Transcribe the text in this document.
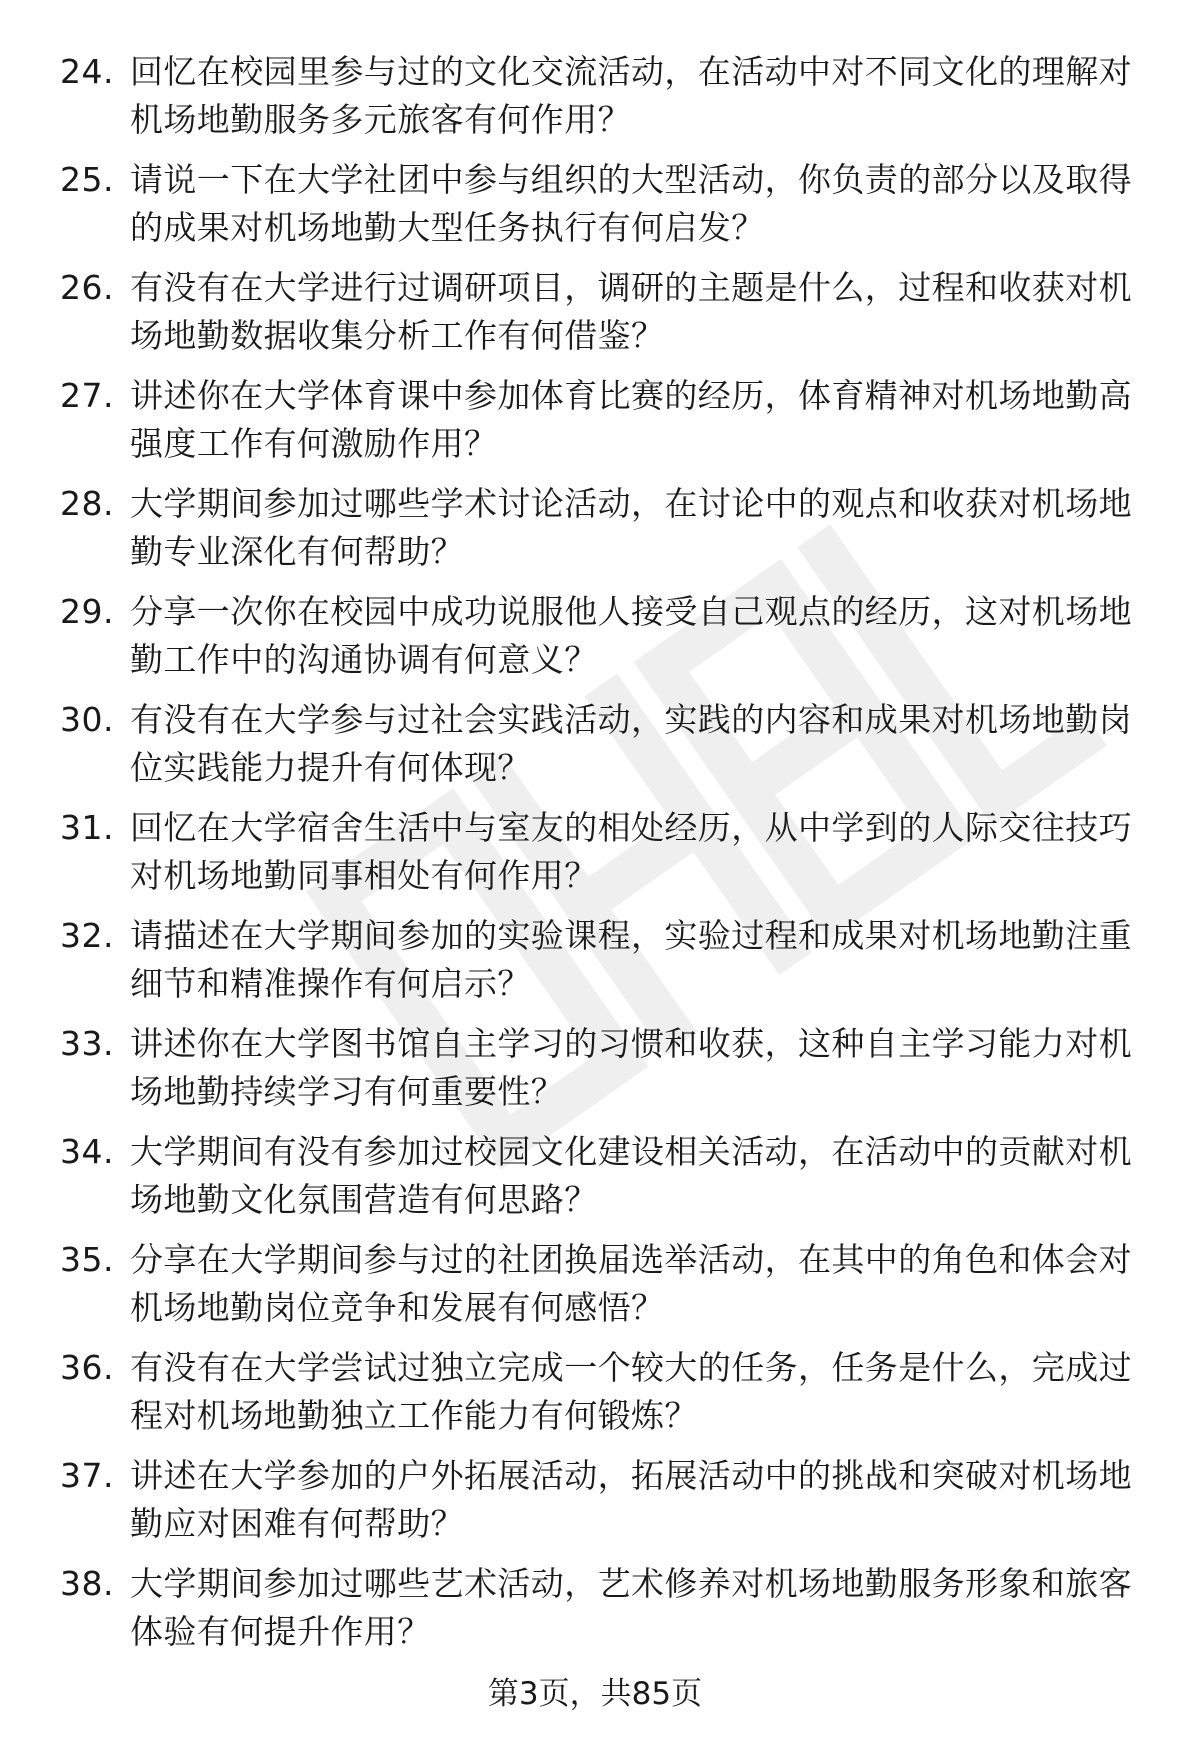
24. 回忆在校园里参与过的文化交流活动，在活动中对不同文化的理解对机场地勤服务多元旅客有何作用？
25. 请说一下在大学社团中参与组织的大型活动，你负责的部分以及取得的成果对机场地勤大型任务执行有何启发？
26. 有没有在大学进行过调研项目，调研的主题是什么，过程和收获对机场地勤数据收集分析工作有何借鉴？
27. 讲述你在大学体育课中参加体育比赛的经历，体育精神对机场地勤高强度工作有何激励作用？
28. 大学期间参加过哪些学术讨论活动，在讨论中的观点和收获对机场地勤专业深化有何帮助？
29. 分享一次你在校园中成功说服他人接受自己观点的经历，这对机场地勤工作中的沟通协调有何意义？
30. 有没有在大学参与过社会实践活动，实践的内容和成果对机场地勤岗位实践能力提升有何体现？
31. 回忆在大学宿舍生活中与室友的相处经历，从中学到的人际交往技巧对机场地勤同事相处有何作用？
32. 请描述在大学期间参加的实验课程，实验过程和成果对机场地勤注重细节和精准操作有何启示？
33. 讲述你在大学图书馆自主学习的习惯和收获，这种自主学习能力对机场地勤持续学习有何重要性？
34. 大学期间有没有参加过校园文化建设相关活动，在活动中的贡献对机场地勤文化氛围营造有何思路？
35. 分享在大学期间参与过的社团换届选举活动，在其中的角色和体会对机场地勤岗位竞争和发展有何感悟？
36. 有没有在大学尝试过独立完成一个较大的任务，任务是什么，完成过程对机场地勤独立工作能力有何锻炼？
37. 讲述在大学参加的户外拓展活动，拓展活动中的挑战和突破对机场地勤应对困难有何帮助？
38. 大学期间参加过哪些艺术活动，艺术修养对机场地勤服务形象和旅客体验有何提升作用？
第3页，共85页
